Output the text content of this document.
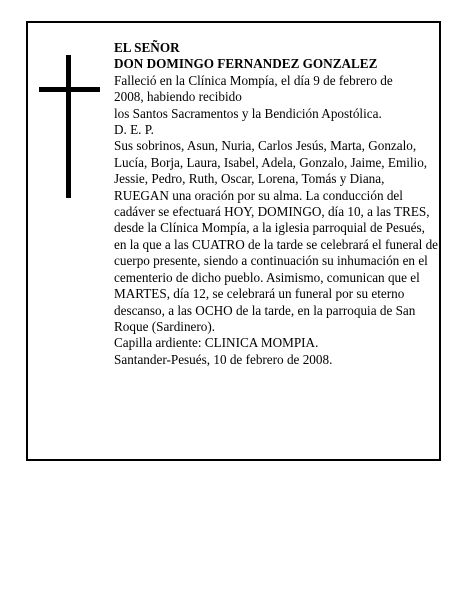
EL SEÑOR

DON DOMINGO FERNANDEZ GONZALEZ

Falleció en la Clínica Mompía, el día 9 de febrero de

2008, habiendo recibido

los Santos Sacramentos y la Bendición Apostólica.

D. E. P.

Sus sobrinos, Asun, Nuria, Carlos Jesús, Marta, Gonzalo, Lucía, Borja, Laura, Isabel, Adela, Gonzalo, Jaime, Emilio, Jessie, Pedro, Ruth, Oscar, Lorena, Tomás y Diana,

RUEGAN una oración por su alma. La conducción del cadáver se efectuará HOY, DOMINGO, día 10, a las TRES, desde la Clínica Mompía, a la iglesia parroquial de Pesués, en la que a las CUATRO de la tarde se celebrará el funeral de cuerpo presente, siendo a continuación su inhumación en el cementerio de dicho pueblo. Asimismo, comunican que el MARTES, día 12, se celebrará un funeral por su eterno descanso, a las OCHO de la tarde, en la parroquia de San Roque (Sardinero).

Capilla ardiente: CLINICA MOMPIA.

Santander-Pesués, 10 de febrero de 2008.
